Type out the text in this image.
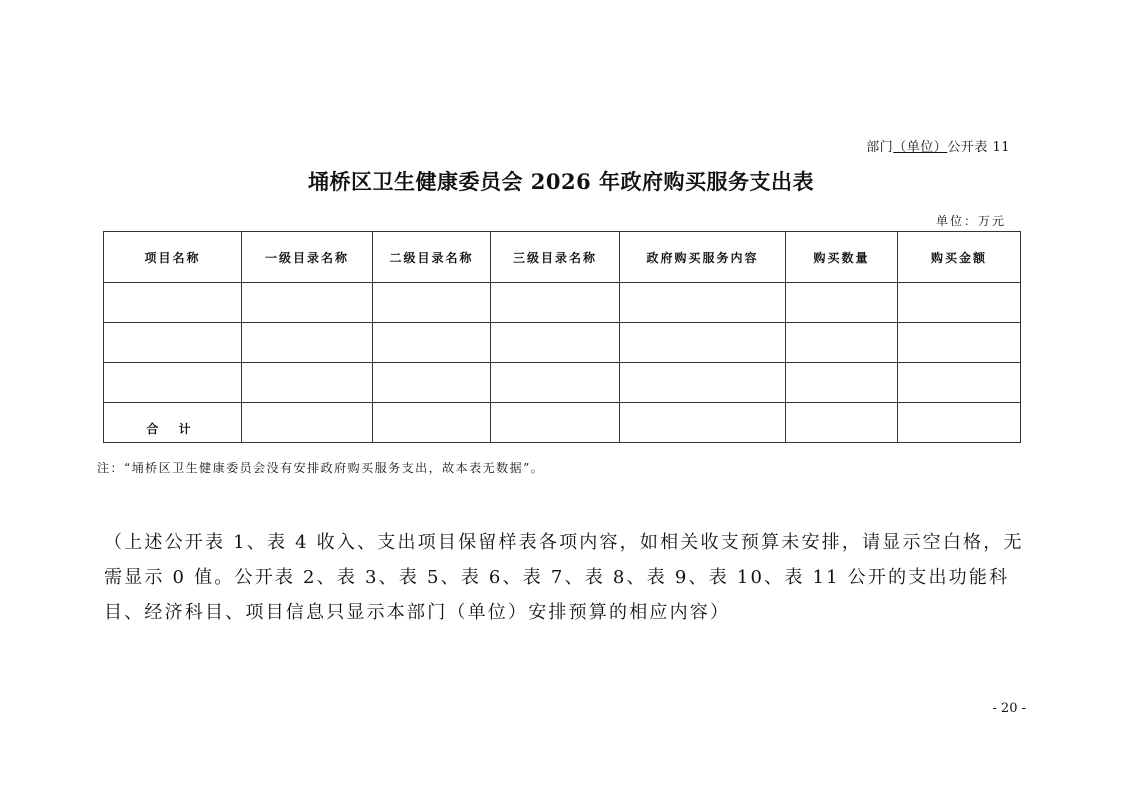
部门（单位）公开表 11
埇桥区卫生健康委员会 2026 年政府购买服务支出表
单位：万元
项目名称	一级目录名称	二级目录名称	三级目录名称	政府购买服务内容	购买数量	购买金额

合 计						
注：“埇桥区卫生健康委员会没有安排政府购买服务支出，故本表无数据”。
（上述公开表 1、表 4 收入、支出项目保留样表各项内容，如相关收支预算未安排，请显示空白格，无需显示 0 值。公开表 2、表 3、表 5、表 6、表 7、表 8、表 9、表 10、表 11 公开的支出功能科目、经济科目、项目信息只显示本部门（单位）安排预算的相应内容）
- 20 -
